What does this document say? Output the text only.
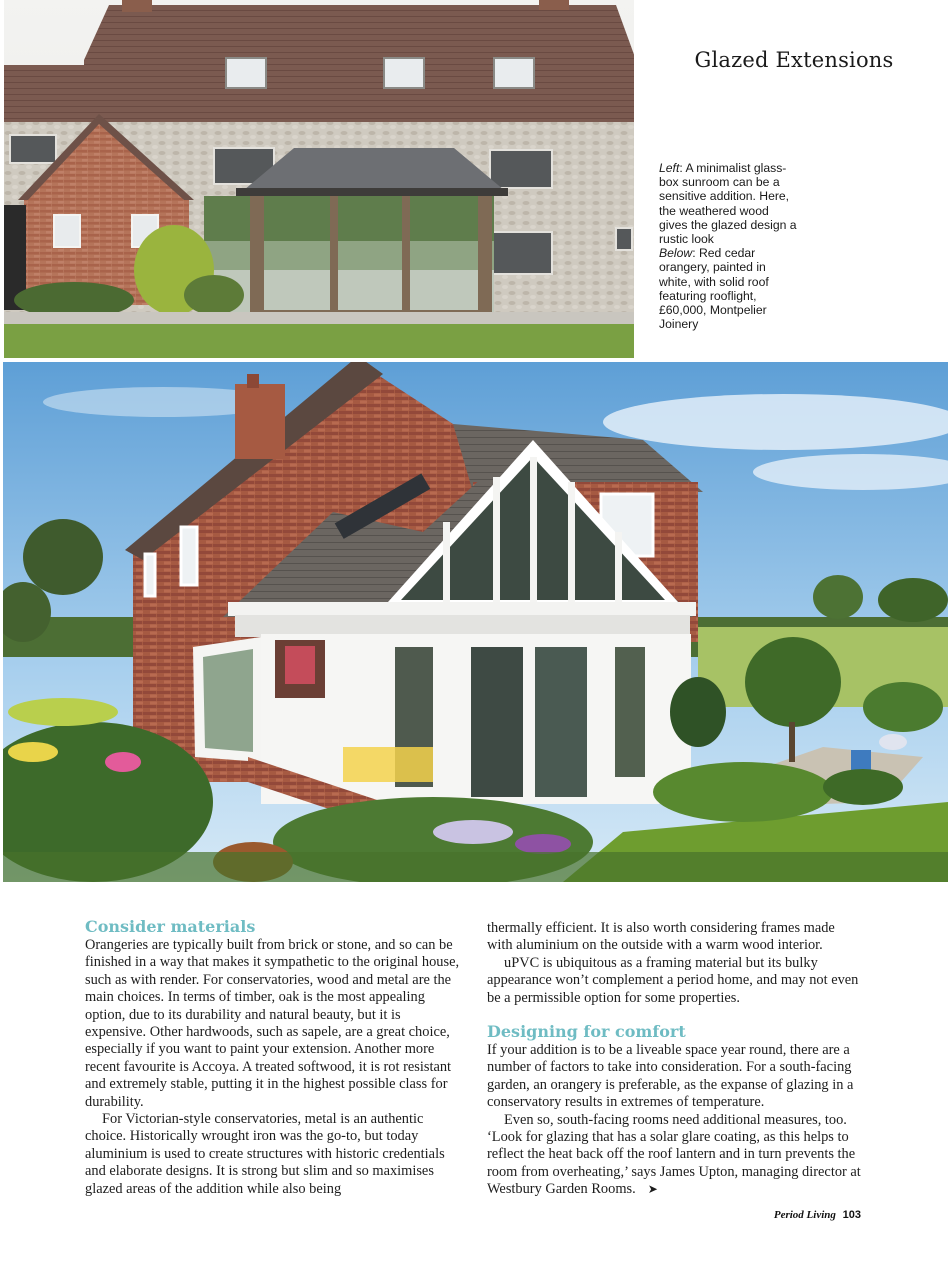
Glazed Extensions

Left: A minimalist glass-box sunroom can be a sensitive addition. Here, the weathered wood gives the glazed design a rustic look

Below: Red cedar orangery, painted in white, with solid roof featuring rooflight, £60,000, Montpelier Joinery

Consider materials

Orangeries are typically built from brick or stone, and so can be finished in a way that makes it sympathetic to the original house, such as with render. For conservatories, wood and metal are the main choices. In terms of timber, oak is the most appealing option, due to its durability and natural beauty, but it is expensive. Other hardwoods, such as sapele, are a great choice, especially if you want to paint your extension. Another more recent favourite is Accoya. A treated softwood, it is rot resistant and extremely stable, putting it in the highest possible class for durability.

For Victorian-style conservatories, metal is an authentic choice. Historically wrought iron was the go-to, but today aluminium is used to create structures with historic credentials and elaborate designs. It is strong but slim and so maximises glazed areas of the addition while also being

thermally efficient. It is also worth considering frames made with aluminium on the outside with a warm wood interior.

uPVC is ubiquitous as a framing material but its bulky appearance won’t complement a period home, and may not even be a permissible option for some properties.

Designing for comfort

If your addition is to be a liveable space year round, there are a number of factors to take into consideration. For a south-facing garden, an orangery is preferable, as the expanse of glazing in a conservatory results in extremes of temperature.

Even so, south-facing rooms need additional measures, too. ‘Look for glazing that has a solar glare coating, as this helps to reflect the heat back off the roof lantern and in turn prevents the room from overheating,’ says James Upton, managing director at Westbury Garden Rooms. ➤

Period Living 103
